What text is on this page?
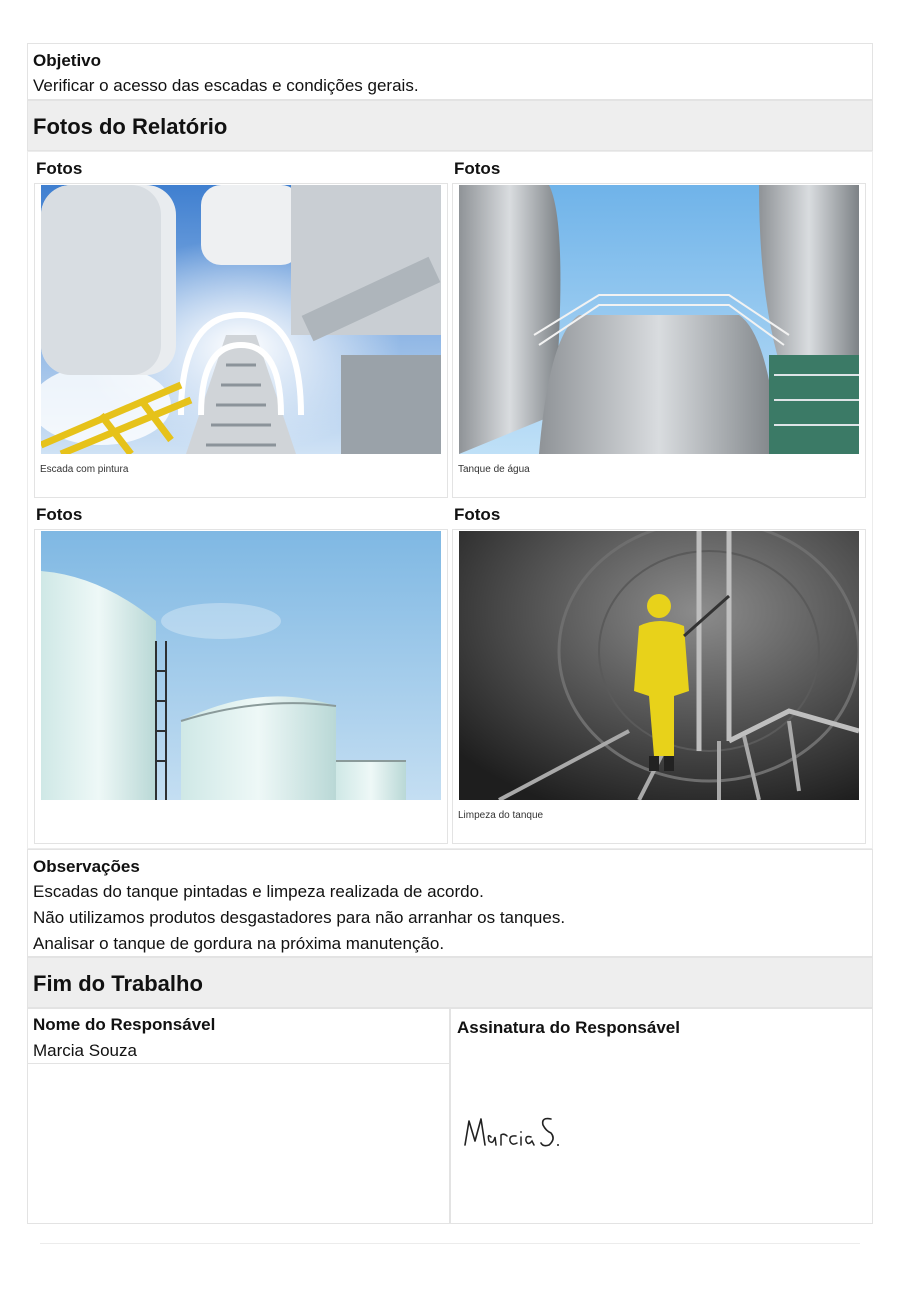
Objetivo
Verificar o acesso das escadas e condições gerais.
Fotos do Relatório
Fotos
Escada com pintura
Fotos
Tanque de água
Fotos	Fotos
Limpeza do tanque
Observações
Escadas do tanque pintadas e limpeza realizada de acordo.
Não utilizamos produtos desgastadores para não arranhar os tanques.
Analisar o tanque de gordura na próxima manutenção.
Fim do Trabalho
Nome do Responsável
Marcia Souza
Assinatura do Responsável
